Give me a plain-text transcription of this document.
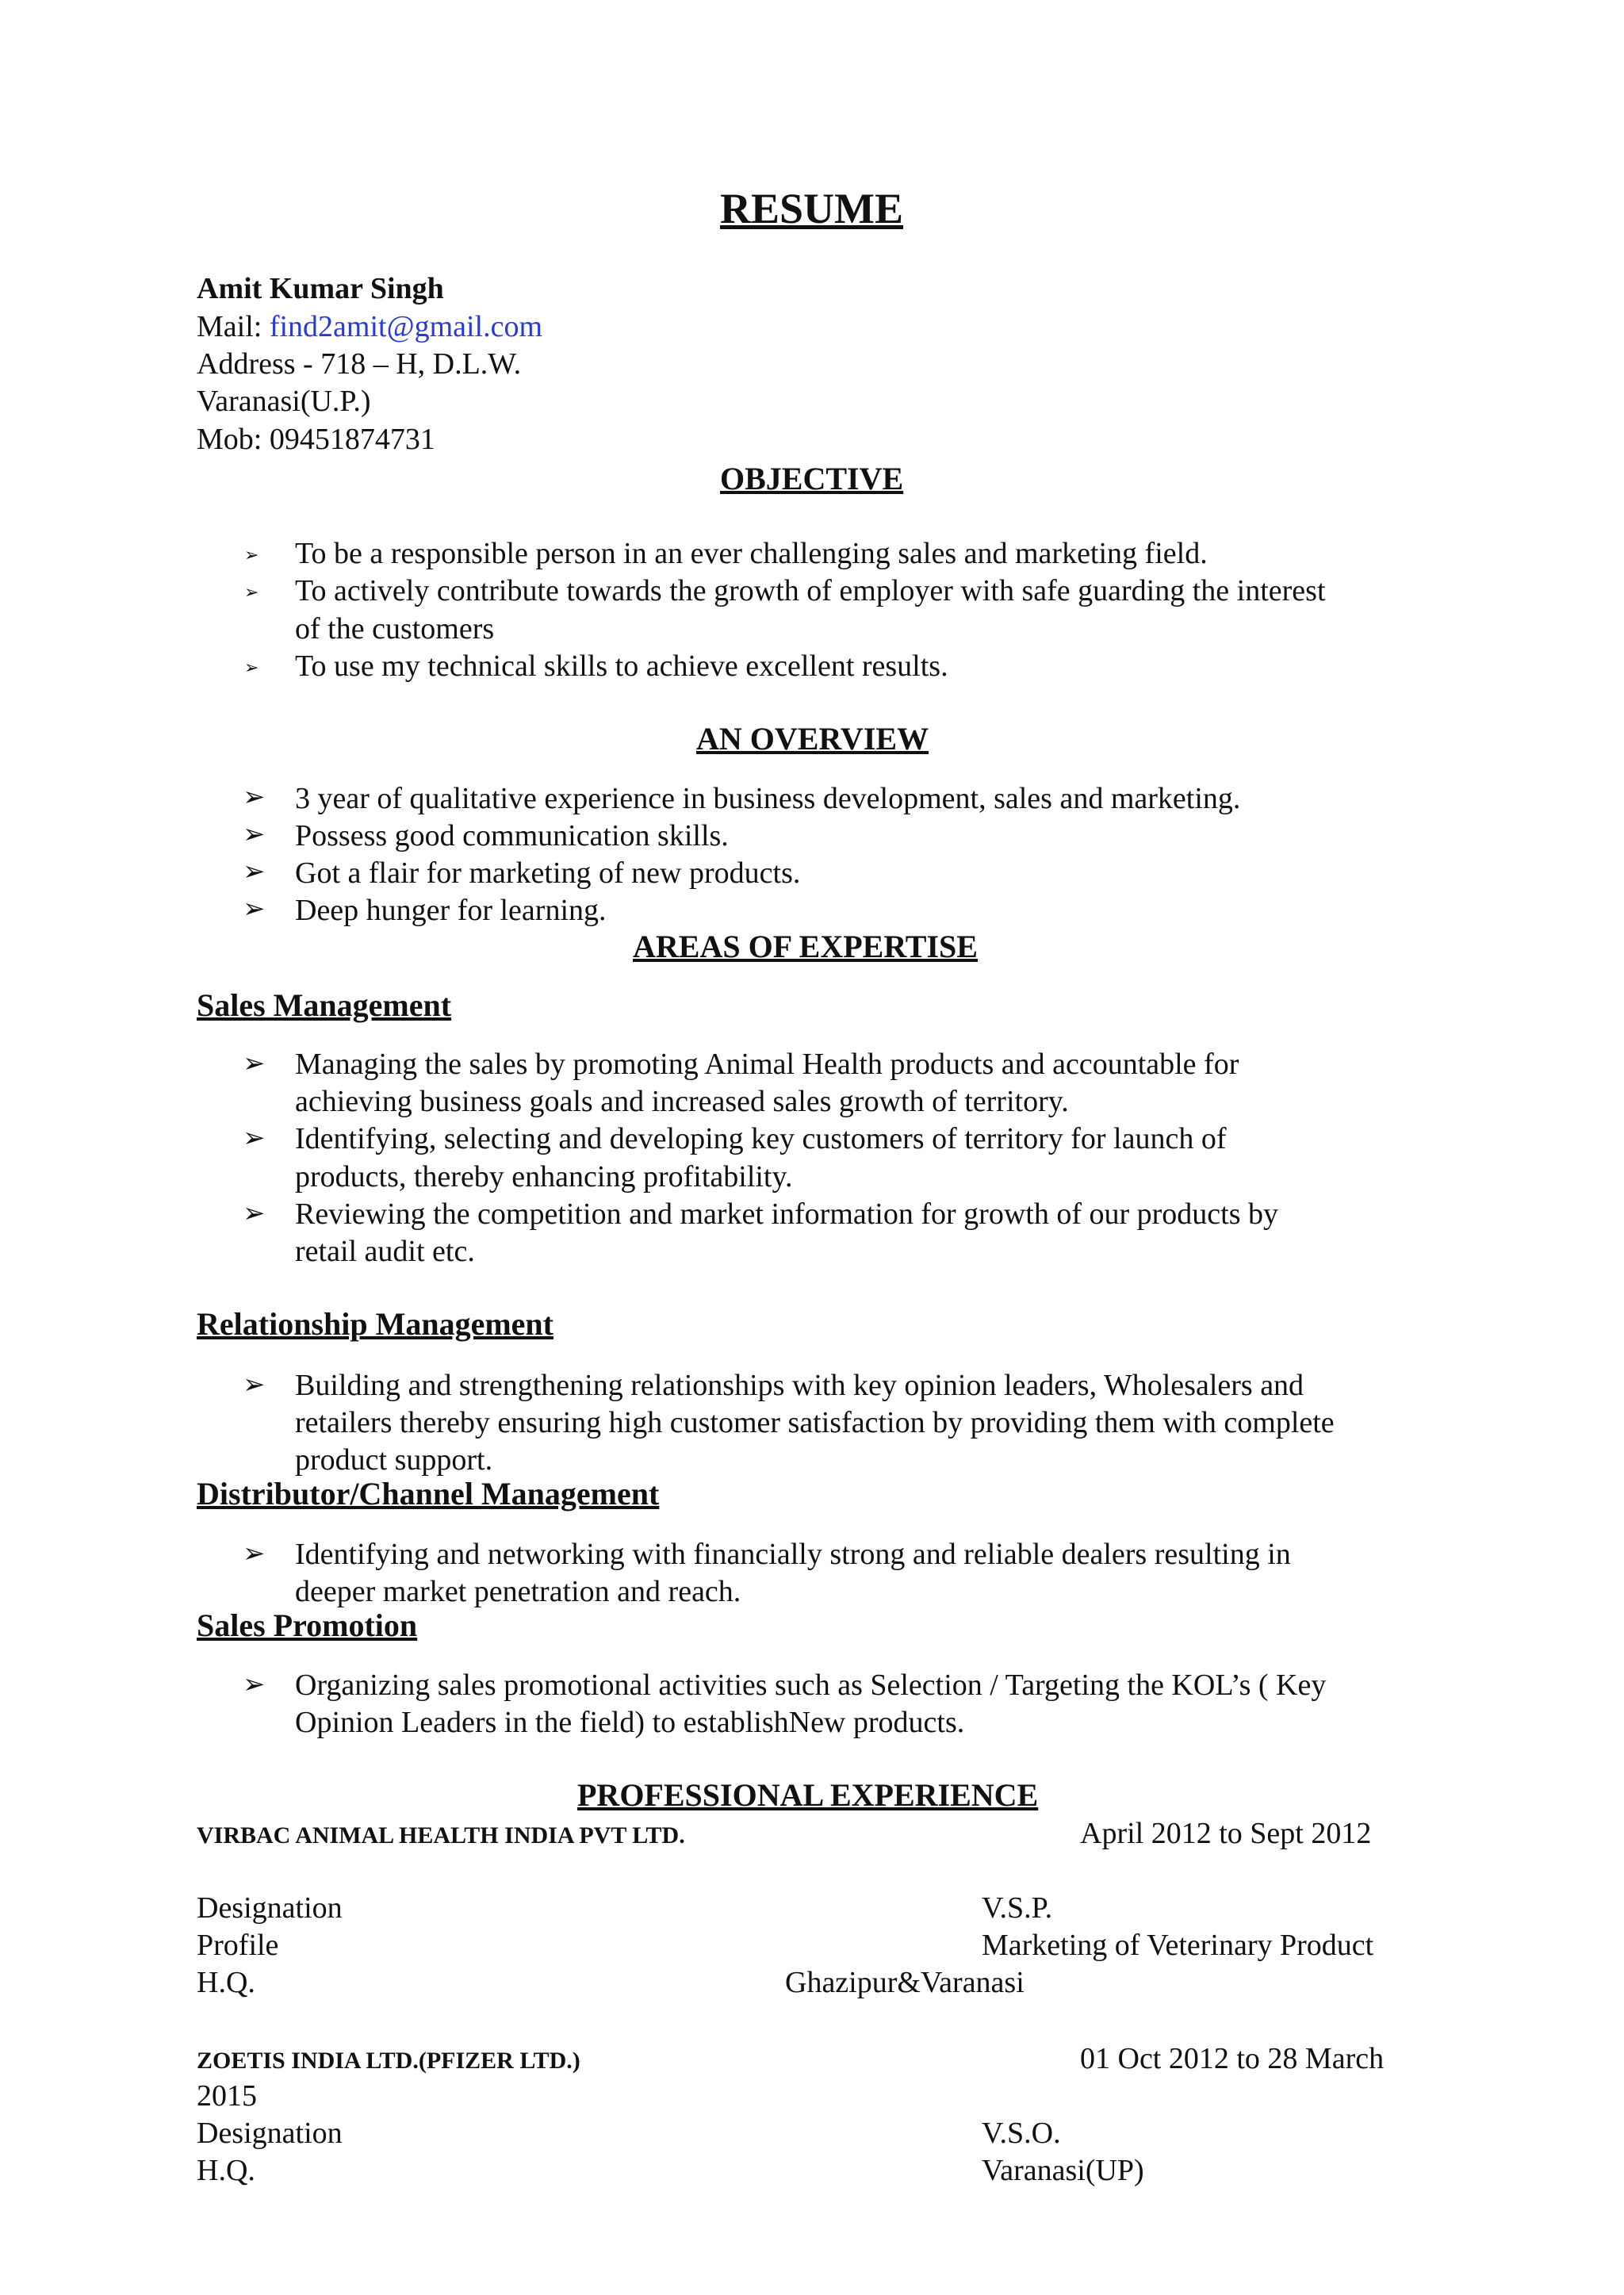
RESUME
Amit Kumar Singh
Mail: find2amit@gmail.com
Address - 718 – H, D.L.W.
Varanasi(U.P.)
Mob: 09451874731
OBJECTIVE
➢ To be a responsible person in an ever challenging sales and marketing field.
➢ To actively contribute towards the growth of employer with safe guarding the interest
of the customers
➢ To use my technical skills to achieve excellent results.
AN OVERVIEW
➢ 3 year of qualitative experience in business development, sales and marketing.
➢ Possess good communication skills.
➢ Got a flair for marketing of new products.
➢ Deep hunger for learning.
AREAS OF EXPERTISE
Sales Management
➢ Managing the sales by promoting Animal Health products and accountable for
achieving business goals and increased sales growth of territory.
➢ Identifying, selecting and developing key customers of territory for launch of
products, thereby enhancing profitability.
➢ Reviewing the competition and market information for growth of our products by
retail audit etc.
Relationship Management
➢ Building and strengthening relationships with key opinion leaders, Wholesalers and
retailers thereby ensuring high customer satisfaction by providing them with complete
product support.
Distributor/Channel Management
➢ Identifying and networking with financially strong and reliable dealers resulting in
deeper market penetration and reach.
Sales Promotion
➢ Organizing sales promotional activities such as Selection / Targeting the KOL’s ( Key
Opinion Leaders in the field) to establishNew products.
PROFESSIONAL EXPERIENCE
VIRBAC ANIMAL HEALTH INDIA PVT LTD.	April 2012 to Sept 2012
Designation	V.S.P.
Profile	Marketing of Veterinary Product
H.Q.	Ghazipur&Varanasi
ZOETIS INDIA LTD.(PFIZER LTD.)	01 Oct 2012 to 28 March
2015
Designation	V.S.O.
H.Q.	Varanasi(UP)
